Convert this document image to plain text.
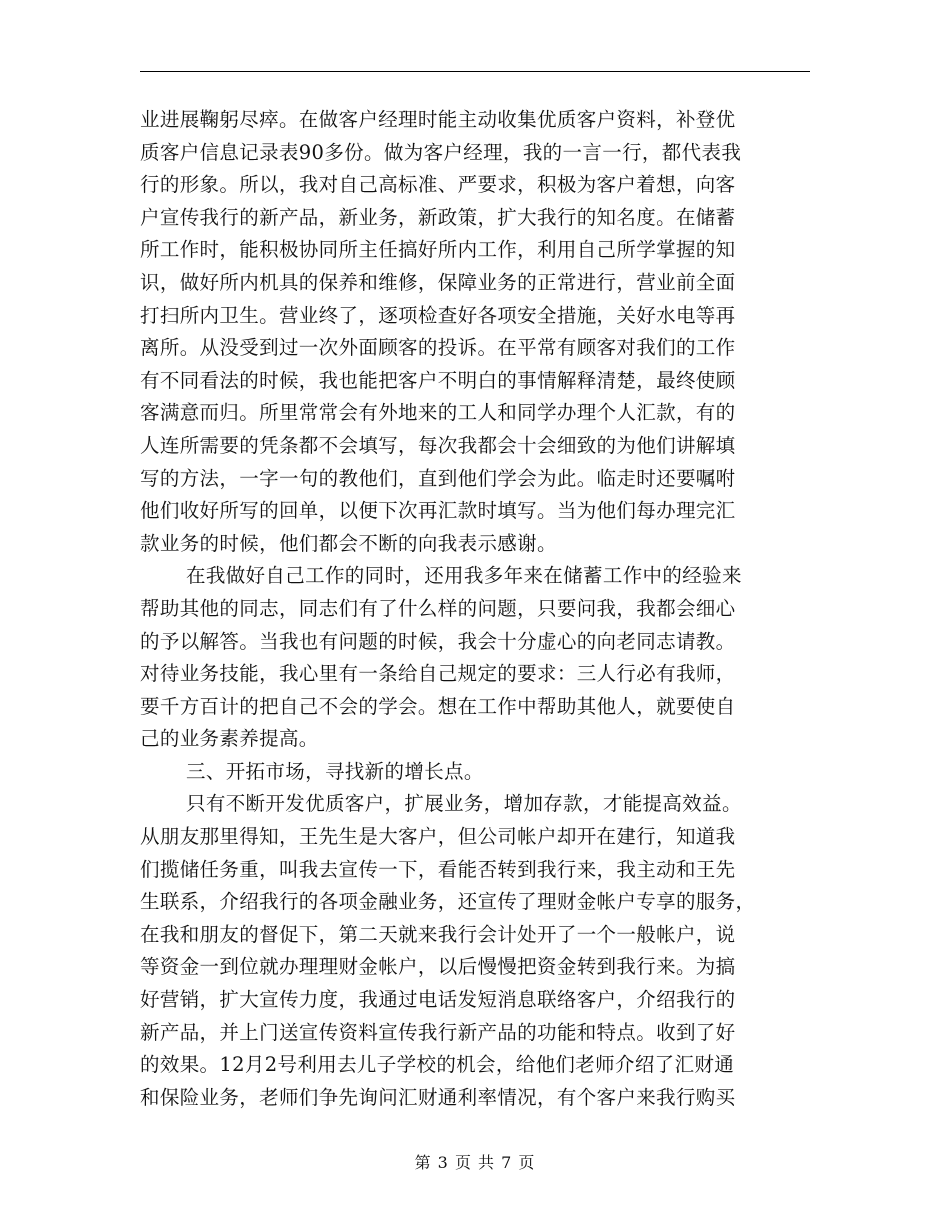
业进展鞠躬尽瘁。在做客户经理时能主动收集优质客户资料，补登优
质客户信息记录表90多份。做为客户经理，我的一言一行，都代表我
行的形象。所以，我对自己高标准、严要求，积极为客户着想，向客
户宣传我行的新产品，新业务，新政策，扩大我行的知名度。在储蓄
所工作时，能积极协同所主任搞好所内工作，利用自己所学掌握的知
识，做好所内机具的保养和维修，保障业务的正常进行，营业前全面
打扫所内卫生。营业终了，逐项检查好各项安全措施，关好水电等再
离所。从没受到过一次外面顾客的投诉。在平常有顾客对我们的工作
有不同看法的时候，我也能把客户不明白的事情解释清楚，最终使顾
客满意而归。所里常常会有外地来的工人和同学办理个人汇款，有的
人连所需要的凭条都不会填写，每次我都会十会细致的为他们讲解填
写的方法，一字一句的教他们，直到他们学会为此。临走时还要嘱咐
他们收好所写的回单，以便下次再汇款时填写。当为他们每办理完汇
款业务的时候，他们都会不断的向我表示感谢。
在我做好自己工作的同时，还用我多年来在储蓄工作中的经验来
帮助其他的同志，同志们有了什么样的问题，只要问我，我都会细心
的予以解答。当我也有问题的时候，我会十分虚心的向老同志请教。
对待业务技能，我心里有一条给自己规定的要求：三人行必有我师，
要千方百计的把自己不会的学会。想在工作中帮助其他人，就要使自
己的业务素养提高。
三、开拓市场，寻找新的增长点。
只有不断开发优质客户，扩展业务，增加存款，才能提高效益。
从朋友那里得知，王先生是大客户，但公司帐户却开在建行，知道我
们揽储任务重，叫我去宣传一下，看能否转到我行来，我主动和王先
生联系，介绍我行的各项金融业务，还宣传了理财金帐户专享的服务，
在我和朋友的督促下，第二天就来我行会计处开了一个一般帐户，说
等资金一到位就办理理财金帐户，以后慢慢把资金转到我行来。为搞
好营销，扩大宣传力度，我通过电话发短消息联络客户，介绍我行的
新产品，并上门送宣传资料宣传我行新产品的功能和特点。收到了好
的效果。12月2号利用去儿子学校的机会，给他们老师介绍了汇财通
和保险业务，老师们争先询问汇财通利率情况，有个客户来我行购买
第 3 页 共 7 页
